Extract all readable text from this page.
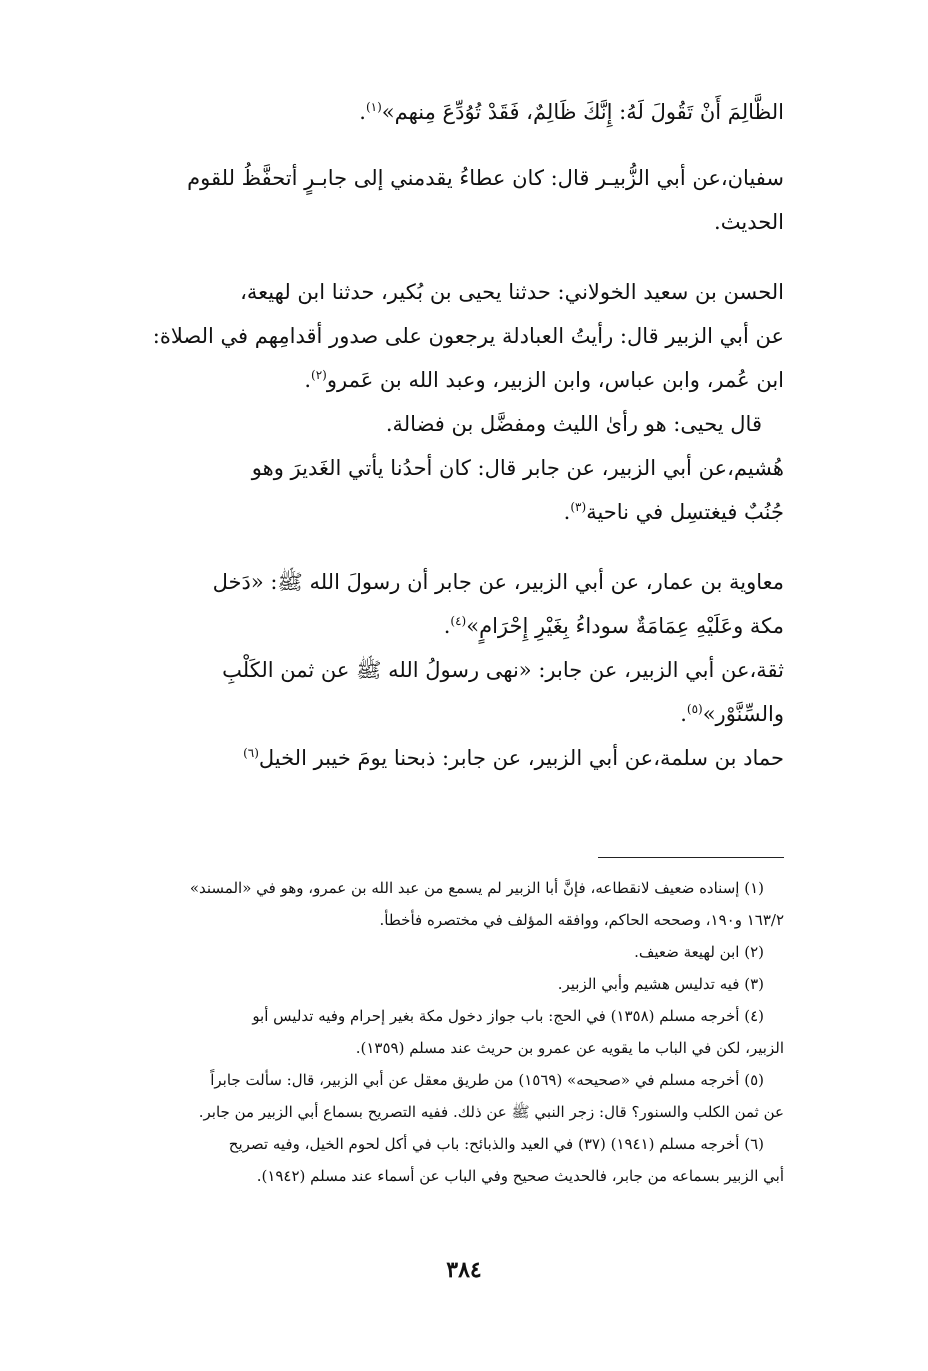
الظَّالِمَ أَنْ تَقُولَ لَهُ: إِنَّكَ ظَالِمٌ، فَقَدْ تُوُدِّعَ مِنهم»$^{(١)}$.

سفيان،عن أبي الزُّبيـر قال: كان عطاءُ يقدمني إلى جابـرٍ أتحفَّظُ للقوم
الحديث.

الحسن بن سعيد الخولاني: حدثنا يحيى بن بُكير، حدثنا ابن لهيعة،
عن أبي الزبير قال: رأيتُ العبادلة يرجعون على صدور أقدامِهم في الصلاة:
ابن عُمر، وابن عباس، وابن الزبير، وعبد الله بن عَمرو$^{(٢)}$.
قال يحيى: هو رأىٰ الليث ومفضَّل بن فضالة.

هُشيم،عن أبي الزبير، عن جابر قال: كان أحدُنا يأتي الغَديرَ وهو
جُنُبٌ فيغتسِل في ناحية$^{(٣)}$.

معاوية بن عمار، عن أبي الزبير، عن جابر أن رسولَ الله ﷺ: «دَخل
مكة وعَلَيْهِ عِمَامَةٌ سوداءُ بِغَيْرِ إِحْرَامٍ»$^{(٤)}$.

ثقة،عن أبي الزبير، عن جابر: «نهى رسولُ الله ﷺ عن ثمن الكَلْبِ
والسِّنَّوْر»$^{(٥)}$.

حماد بن سلمة،عن أبي الزبير، عن جابر: ذبحنا يومَ خيبر الخيل$^{(٦)}$

(١) إسناده ضعيف لانقطاعه، فإنَّ أبا الزبير لم يسمع من عبد الله بن عمرو، وهو في «المسند»
١٦٣/٢ و١٩٠، وصححه الحاكم، ووافقه المؤلف في مختصره فأخطأ.
(٢) ابن لهيعة ضعيف.
(٣) فيه تدليس هشيم وأبي الزبير.
(٤) أخرجه مسلم (١٣٥٨) في الحج: باب جواز دخول مكة بغير إحرام وفيه تدليس أبو
الزبير، لكن في الباب ما يقويه عن عمرو بن حريث عند مسلم (١٣٥٩).
(٥) أخرجه مسلم في «صحيحه» (١٥٦٩) من طريق معقل عن أبي الزبير، قال: سألت جابراً
عن ثمن الكلب والسنور؟ قال: زجر النبي ﷺ عن ذلك. ففيه التصريح بسماع أبي الزبير من جابر.
(٦) أخرجه مسلم (١٩٤١) (٣٧) في العيد والذبائح: باب في أكل لحوم الخيل، وفيه تصريح
أبي الزبير بسماعه من جابر، فالحديث صحيح وفي الباب عن أسماء عند مسلم (١٩٤٢).
٣٨٤
